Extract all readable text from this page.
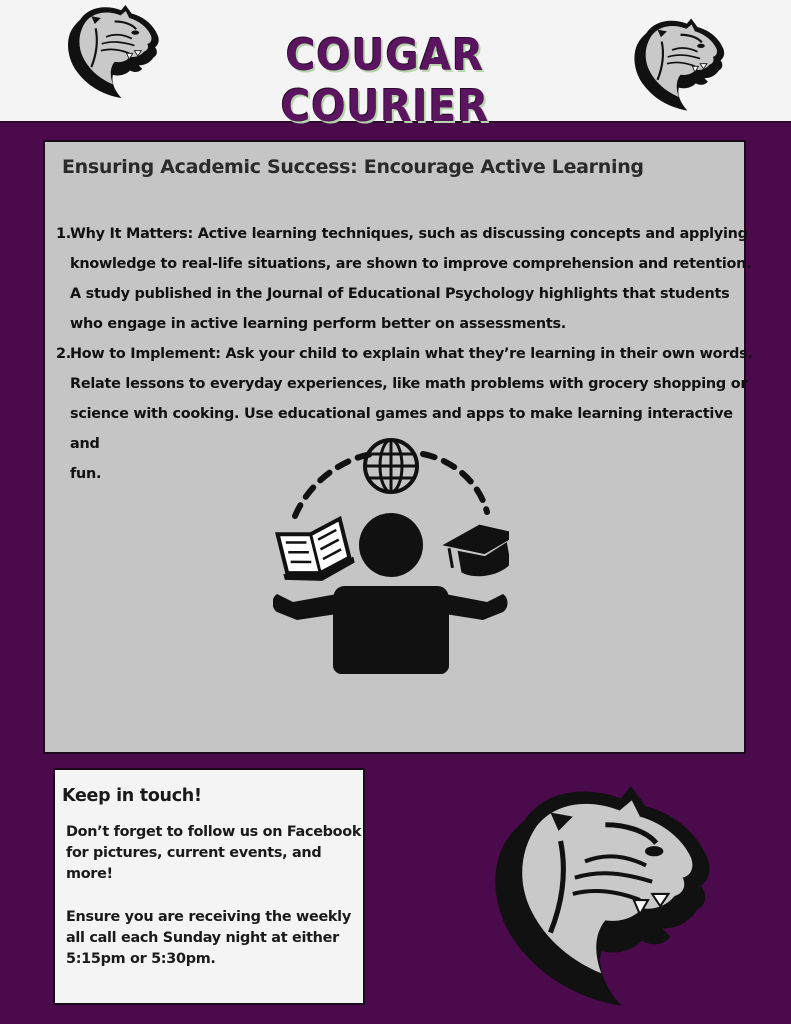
COUGAR COURIER
Ensuring Academic Success: Encourage Active Learning
1. Why It Matters: Active learning techniques, such as discussing concepts and applying
knowledge to real-life situations, are shown to improve comprehension and retention.
A study published in the Journal of Educational Psychology highlights that students
who engage in active learning perform better on assessments.
2. How to Implement: Ask your child to explain what they’re learning in their own words.
Relate lessons to everyday experiences, like math problems with grocery shopping or
science with cooking. Use educational games and apps to make learning interactive and
fun.
Keep in touch!
Don’t forget to follow us on Facebook
for pictures, current events, and
more!
Ensure you are receiving the weekly
all call each Sunday night at either
5:15pm or 5:30pm.
